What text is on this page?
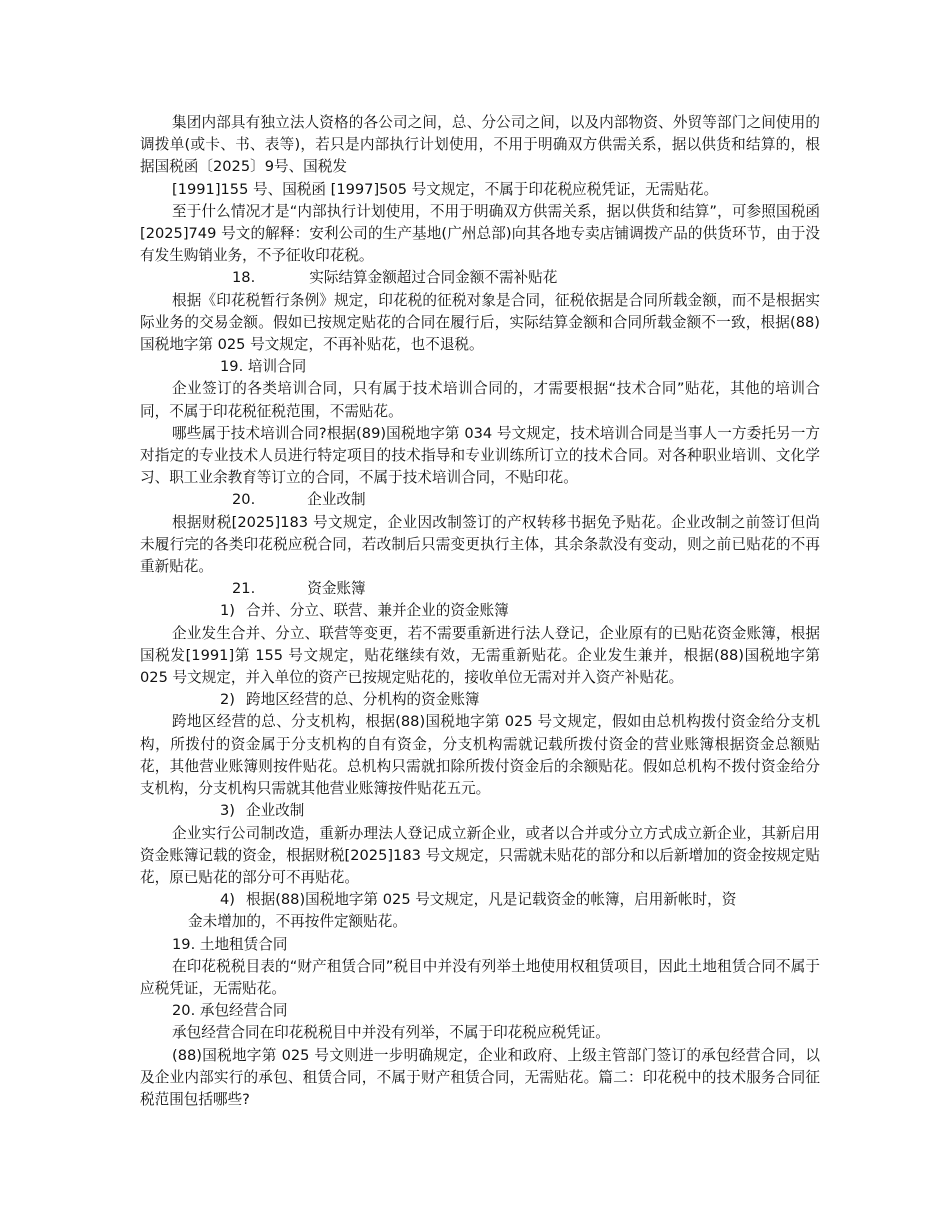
集团内部具有独立法人资格的各公司之间，总、分公司之间，以及内部物资、外贸等部门之间使用的调拨单(或卡、书、表等)，若只是内部执行计划使用，不用于明确双方供需关系，据以供货和结算的，根据国税函〔2025〕9号、国税发

[1991]155 号、国税函 [1997]505 号文规定，不属于印花税应税凭证，无需贴花。

至于什么情况才是“内部执行计划使用，不用于明确双方供需关系，据以供货和结算”，可参照国税函[2025]749 号文的解释：安利公司的生产基地(广州总部)向其各地专卖店铺调拨产品的供货环节，由于没有发生购销业务，不予征收印花税。

18.	实际结算金额超过合同金额不需补贴花

根据《印花税暂行条例》规定，印花税的征税对象是合同，征税依据是合同所载金额，而不是根据实际业务的交易金额。假如已按规定贴花的合同在履行后，实际结算金额和合同所载金额不一致，根据(88)国税地字第 025 号文规定，不再补贴花，也不退税。

19. 培训合同

企业签订的各类培训合同，只有属于技术培训合同的，才需要根据“技术合同”贴花，其他的培训合同，不属于印花税征税范围，不需贴花。

哪些属于技术培训合同?根据(89)国税地字第 034 号文规定，技术培训合同是当事人一方委托另一方对指定的专业技术人员进行特定项目的技术指导和专业训练所订立的技术合同。对各种职业培训、文化学习、职工业余教育等订立的合同，不属于技术培训合同，不贴印花。

20.	企业改制

根据财税[2025]183 号文规定，企业因改制签订的产权转移书据免予贴花。企业改制之前签订但尚未履行完的各类印花税应税合同，若改制后只需变更执行主体，其余条款没有变动，则之前已贴花的不再重新贴花。

21.	资金账簿
1) 合并、分立、联营、兼并企业的资金账簿

企业发生合并、分立、联营等变更，若不需要重新进行法人登记，企业原有的已贴花资金账簿，根据国税发[1991]第 155 号文规定，贴花继续有效，无需重新贴花。企业发生兼并，根据(88)国税地字第 025 号文规定，并入单位的资产已按规定贴花的，接收单位无需对并入资产补贴花。

2) 跨地区经营的总、分机构的资金账簿

跨地区经营的总、分支机构，根据(88)国税地字第 025 号文规定，假如由总机构拨付资金给分支机构，所拨付的资金属于分支机构的自有资金，分支机构需就记载所拨付资金的营业账簿根据资金总额贴花，其他营业账簿则按件贴花。总机构只需就扣除所拨付资金后的余额贴花。假如总机构不拨付资金给分支机构，分支机构只需就其他营业账簿按件贴花五元。

3) 企业改制

企业实行公司制改造，重新办理法人登记成立新企业，或者以合并或分立方式成立新企业，其新启用资金账簿记载的资金，根据财税[2025]183 号文规定，只需就未贴花的部分和以后新增加的资金按规定贴花，原已贴花的部分可不再贴花。

4) 根据(88)国税地字第 025 号文规定，凡是记载资金的帐簿，启用新帐时，资

金未增加的，不再按件定额贴花。

19. 土地租赁合同

在印花税税目表的“财产租赁合同”税目中并没有列举土地使用权租赁项目，因此土地租赁合同不属于应税凭证，无需贴花。

20. 承包经营合同

承包经营合同在印花税税目中并没有列举，不属于印花税应税凭证。

(88)国税地字第 025 号文则进一步明确规定，企业和政府、上级主管部门签订的承包经营合同，以及企业内部实行的承包、租赁合同，不属于财产租赁合同，无需贴花。篇二：印花税中的技术服务合同征税范围包括哪些?
